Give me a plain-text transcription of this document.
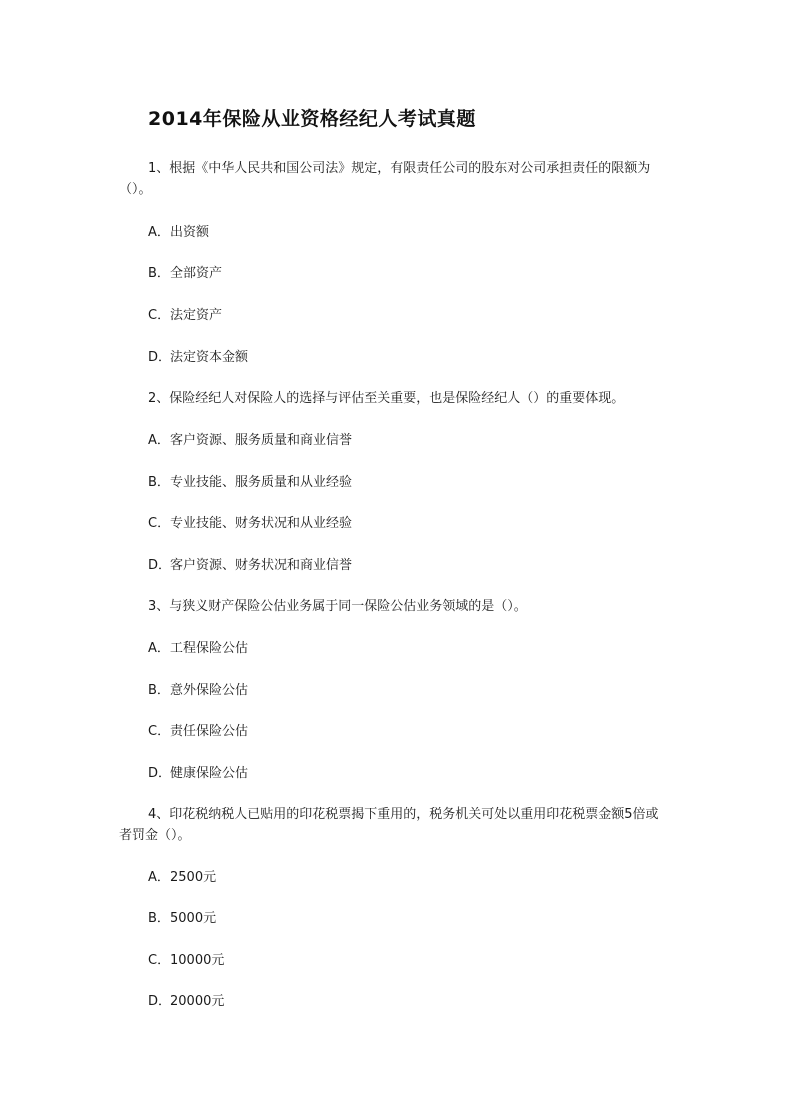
2014年保险从业资格经纪人考试真题
1、根据《中华人民共和国公司法》规定，有限责任公司的股东对公司承担责任的限额为（）。
A．出资额
B．全部资产
C．法定资产
D．法定资本金额
2、保险经纪人对保险人的选择与评估至关重要，也是保险经纪人（）的重要体现。
A．客户资源、服务质量和商业信誉
B．专业技能、服务质量和从业经验
C．专业技能、财务状况和从业经验
D．客户资源、财务状况和商业信誉
3、与狭义财产保险公估业务属于同一保险公估业务领域的是（）。
A．工程保险公估
B．意外保险公估
C．责任保险公估
D．健康保险公估
4、印花税纳税人已贴用的印花税票揭下重用的，税务机关可处以重用印花税票金额5倍或者罚金（）。
A．2500元
B．5000元
C．10000元
D．20000元
